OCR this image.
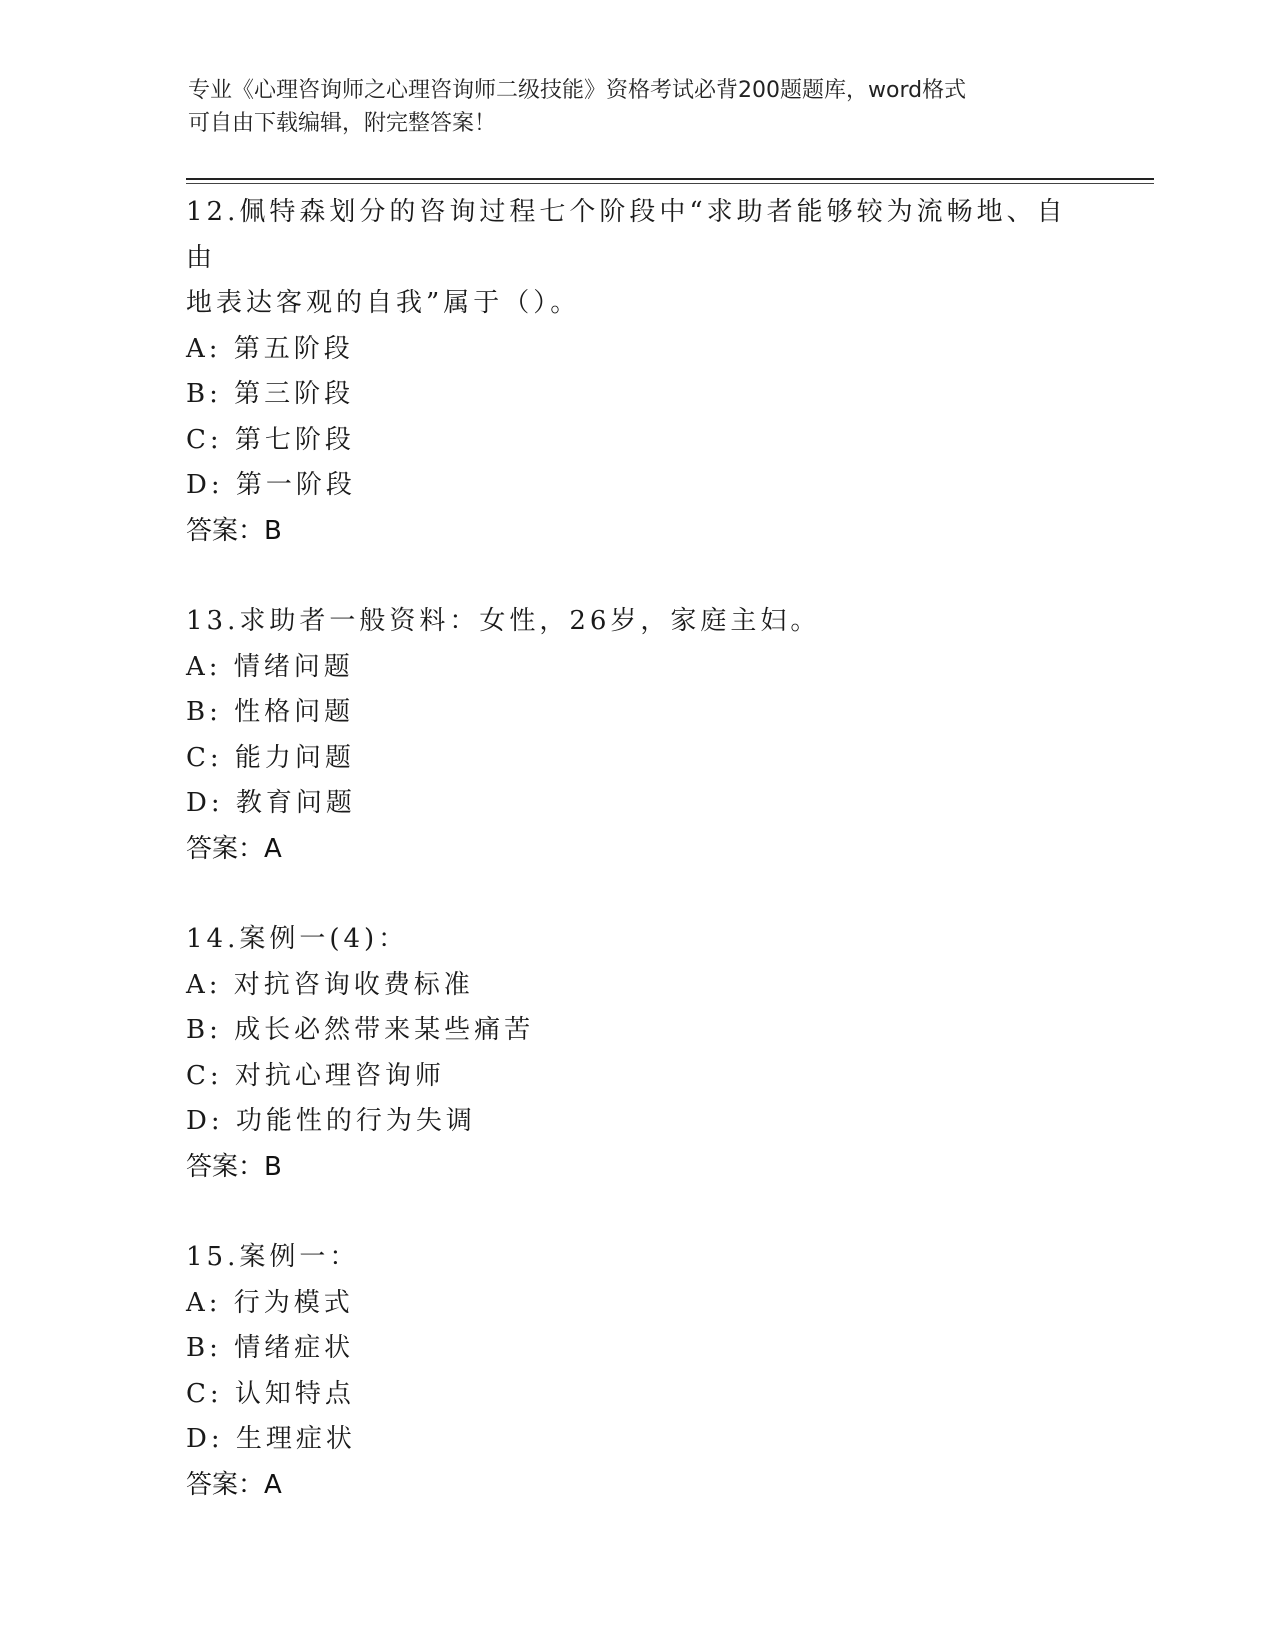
专业《心理咨询师之心理咨询师二级技能》资格考试必背200题题库，word格式
可自由下载编辑，附完整答案！
12.佩特森划分的咨询过程七个阶段中“求助者能够较为流畅地、自由
地表达客观的自我”属于（）。
A: 第五阶段
B: 第三阶段
C: 第七阶段
D: 第一阶段
答案：B
13.求助者一般资料：女性，26岁，家庭主妇。
A: 情绪问题
B: 性格问题
C: 能力问题
D: 教育问题
答案：A
14.案例一(4)：
A: 对抗咨询收费标准
B: 成长必然带来某些痛苦
C: 对抗心理咨询师
D: 功能性的行为失调
答案：B
15.案例一：
A: 行为模式
B: 情绪症状
C: 认知特点
D: 生理症状
答案：A
